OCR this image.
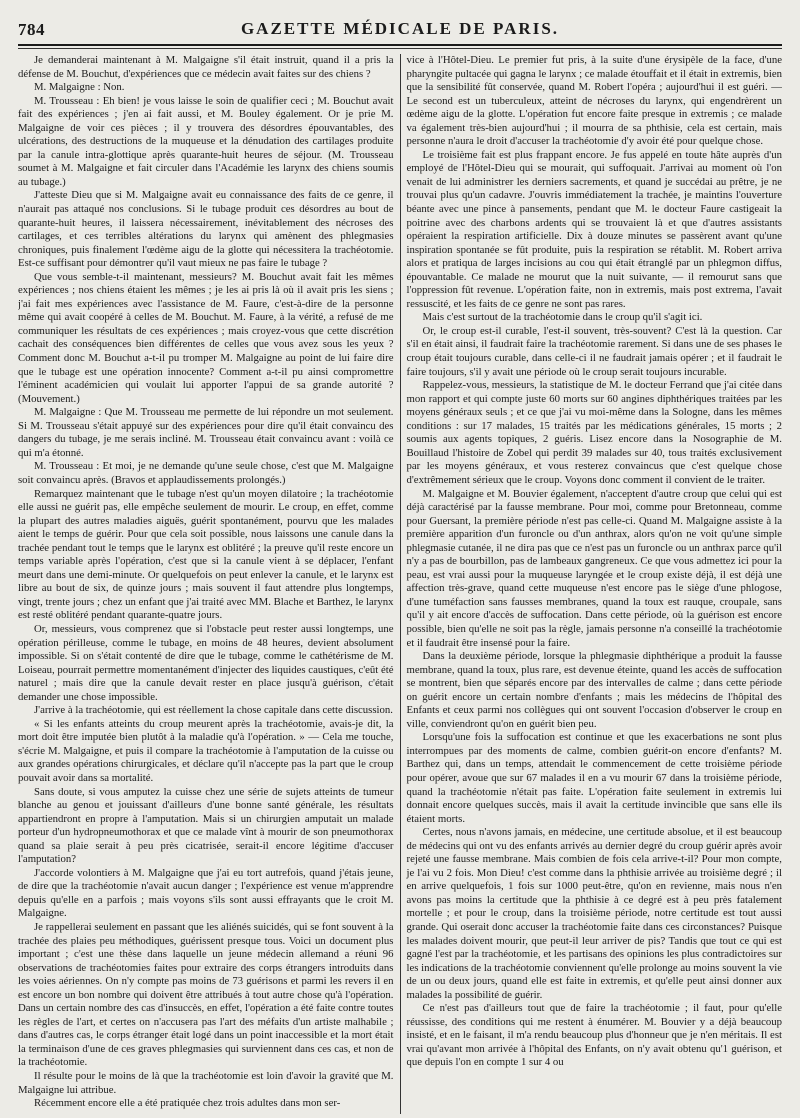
784	GAZETTE MÉDICALE DE PARIS.

Je demanderai maintenant à M. Malgaigne s'il était instruit, quand il a pris la défense de M. Bouchut, d'expériences que ce médecin avait faites sur des chiens ?

M. Malgaigne : Non.

M. Trousseau : Eh bien! je vous laisse le soin de qualifier ceci ; M. Bouchut avait fait des expériences ; j'en ai fait aussi, et M. Bouley également. Or je prie M. Malgaigne de voir ces pièces ; il y trouvera des désordres épouvantables, des ulcérations, des destructions de la muqueuse et la dénudation des cartilages produite par la canule intra-glottique après quarante-huit heures de séjour. (M. Trousseau soumet à M. Malgaigne et fait circuler dans l'Académie les larynx des chiens soumis au tubage.)

J'atteste Dieu que si M. Malgaigne avait eu connaissance des faits de ce genre, il n'aurait pas attaqué nos conclusions. Si le tubage produit ces désordres au bout de quarante-huit heures, il laissera nécessairement, inévitablement des nécroses des cartilages, et ces terribles altérations du larynx qui amènent des phlegmasies chroniques, puis finalement l'œdème aigu de la glotte qui nécessitera la trachéotomie. Est-ce suffisant pour démontrer qu'il vaut mieux ne pas faire le tubage ?

Que vous semble-t-il maintenant, messieurs? M. Bouchut avait fait les mêmes expériences ; nos chiens étaient les mêmes ; je les ai pris là où il avait pris les siens ; j'ai fait mes expériences avec l'assistance de M. Faure, c'est-à-dire de la personne même qui avait coopéré à celles de M. Bouchut. M. Faure, à la vérité, a refusé de me communiquer les résultats de ces expériences ; mais croyez-vous que cette discrétion cachait des conséquences bien différentes de celles que vous avez sous les yeux ? Comment donc M. Bouchut a-t-il pu tromper M. Malgaigne au point de lui faire dire que le tubage est une opération innocente? Comment a-t-il pu ainsi compromettre l'éminent académicien qui voulait lui apporter l'appui de sa grande autorité ? (Mouvement.)

M. Malgaigne : Que M. Trousseau me permette de lui répondre un mot seulement. Si M. Trousseau s'était appuyé sur des expériences pour dire qu'il était convaincu des dangers du tubage, je me serais incliné. M. Trousseau était convaincu avant : voilà ce qui m'a étonné.

M. Trousseau : Et moi, je ne demande qu'une seule chose, c'est que M. Malgaigne soit convaincu après. (Bravos et applaudissements prolongés.)

Remarquez maintenant que le tubage n'est qu'un moyen dilatoire ; la trachéotomie elle aussi ne guérit pas, elle empêche seulement de mourir. Le croup, en effet, comme la plupart des autres maladies aiguës, guérit spontanément, pourvu que les malades aient le temps de guérir. Pour que cela soit possible, nous laissons une canule dans la trachée pendant tout le temps que le larynx est oblitéré ; la preuve qu'il reste encore un temps variable après l'opération, c'est que si la canule vient à se déplacer, l'enfant meurt dans une demi-minute. Or quelquefois on peut enlever la canule, et le larynx est libre au bout de six, de quinze jours ; mais souvent il faut attendre plus longtemps, vingt, trente jours ; chez un enfant que j'ai traité avec MM. Blache et Barthez, le larynx est resté oblitéré pendant quarante-quatre jours.

Or, messieurs, vous comprenez que si l'obstacle peut rester aussi longtemps, une opération périlleuse, comme le tubage, en moins de 48 heures, devient absolument impossible. Si on s'était contenté de dire que le tubage, comme le cathétérisme de M. Loiseau, pourrait permettre momentanément d'injecter des liquides caustiques, c'eût été naturel ; mais dire que la canule devait rester en place jusqu'à guérison, c'était demander une chose impossible.

J'arrive à la trachéotomie, qui est réellement la chose capitale dans cette discussion.

« Si les enfants atteints du croup meurent après la trachéotomie, avais-je dit, la mort doit être imputée bien plutôt à la maladie qu'à l'opération. » — Cela me touche, s'écrie M. Malgaigne, et puis il compare la trachéotomie à l'amputation de la cuisse ou aux grandes opérations chirurgicales, et déclare qu'il n'accepte pas la part que le croup pouvait avoir dans sa mortalité.

Sans doute, si vous amputez la cuisse chez une série de sujets atteints de tumeur blanche au genou et jouissant d'ailleurs d'une bonne santé générale, les résultats appartiendront en propre à l'amputation. Mais si un chirurgien amputait un malade porteur d'un hydropneumothorax et que ce malade vînt à mourir de son pneumothorax quand sa plaie serait à peu près cicatrisée, serait-il encore légitime d'accuser l'amputation?

J'accorde volontiers à M. Malgaigne que j'ai eu tort autrefois, quand j'étais jeune, de dire que la trachéotomie n'avait aucun danger ; l'expérience est venue m'apprendre depuis qu'elle en a parfois ; mais voyons s'ils sont aussi effrayants que le croit M. Malgaigne.

Je rappellerai seulement en passant que les aliénés suicidés, qui se font souvent à la trachée des plaies peu méthodiques, guérissent presque tous. Voici un document plus important ; c'est une thèse dans laquelle un jeune médecin allemand a réuni 96 observations de trachéotomies faites pour extraire des corps étrangers introduits dans les voies aériennes. On n'y compte pas moins de 73 guérisons et parmi les revers il en est encore un bon nombre qui doivent être attribués à tout autre chose qu'à l'opération. Dans un certain nombre des cas d'insuccès, en effet, l'opération a été faite contre toutes les règles de l'art, et certes on n'accusera pas l'art des méfaits d'un artiste malhabile ; dans d'autres cas, le corps étranger était logé dans un point inaccessible et la mort était la terminaison d'une de ces graves phlegmasies qui surviennent dans ces cas, et non de la trachéotomie.

Il résulte pour le moins de là que la trachéotomie est loin d'avoir la gravité que M. Malgaigne lui attribue.

Récemment encore elle a été pratiquée chez trois adultes dans mon ser-

vice à l'Hôtel-Dieu. Le premier fut pris, à la suite d'une érysipèle de la face, d'une pharyngite pultacée qui gagna le larynx ; ce malade étouffait et il était in extremis, bien que la sensibilité fût conservée, quand M. Robert l'opéra ; aujourd'hui il est guéri. — Le second est un tuberculeux, atteint de nécroses du larynx, qui engendrèrent un œdème aigu de la glotte. L'opération fut encore faite presque in extremis ; ce malade va également très-bien aujourd'hui ; il mourra de sa phthisie, cela est certain, mais personne n'aura le droit d'accuser la trachéotomie d'y avoir été pour quelque chose.

Le troisième fait est plus frappant encore. Je fus appelé en toute hâte auprès d'un employé de l'Hôtel-Dieu qui se mourait, qui suffoquait. J'arrivai au moment où l'on venait de lui administrer les derniers sacrements, et quand je succédai au prêtre, je ne trouvai plus qu'un cadavre. J'ouvris immédiatement la trachée, je maintins l'ouverture béante avec une pince à pansements, pendant que M. le docteur Faure castigeait la poitrine avec des charbons ardents qui se trouvaient là et que d'autres assistants opéraient la respiration artificielle. Dix à douze minutes se passèrent avant qu'une inspiration spontanée se fût produite, puis la respiration se rétablit. M. Robert arriva alors et pratiqua de larges incisions au cou qui était étranglé par un phlegmon diffus, épouvantable. Ce malade ne mourut que la nuit suivante, — il remourut sans que l'oppression fût revenue. L'opération faite, non in extremis, mais post extrema, l'avait ressuscité, et les faits de ce genre ne sont pas rares.

Mais c'est surtout de la trachéotomie dans le croup qu'il s'agit ici.

Or, le croup est-il curable, l'est-il souvent, très-souvent? C'est là la question. Car s'il en était ainsi, il faudrait faire la trachéotomie rarement. Si dans une de ses phases le croup était toujours curable, dans celle-ci il ne faudrait jamais opérer ; et il faudrait le faire toujours, s'il y avait une période où le croup serait toujours incurable.

Rappelez-vous, messieurs, la statistique de M. le docteur Ferrand que j'ai citée dans mon rapport et qui compte juste 60 morts sur 60 angines diphthériques traitées par les moyens généraux seuls ; et ce que j'ai vu moi-même dans la Sologne, dans les mêmes conditions : sur 17 malades, 15 traités par les médications générales, 15 morts ; 2 soumis aux agents topiques, 2 guéris. Lisez encore dans la Nosographie de M. Bouillaud l'histoire de Zobel qui perdit 39 malades sur 40, tous traités exclusivement par les moyens généraux, et vous resterez convaincus que c'est quelque chose d'extrêmement sérieux que le croup. Voyons donc comment il convient de le traiter.

M. Malgaigne et M. Bouvier également, n'acceptent d'autre croup que celui qui est déjà caractérisé par la fausse membrane. Pour moi, comme pour Bretonneau, comme pour Guersant, la première période n'est pas celle-ci. Quand M. Malgaigne assiste à la première apparition d'un furoncle ou d'un anthrax, alors qu'on ne voit qu'une simple phlegmasie cutanée, il ne dira pas que ce n'est pas un furoncle ou un anthrax parce qu'il n'y a pas de bourbillon, pas de lambeaux gangreneux. Ce que vous admettez ici pour la peau, est vrai aussi pour la muqueuse laryngée et le croup existe déjà, il est déjà une affection très-grave, quand cette muqueuse n'est encore pas le siège d'une phlogose, d'une tuméfaction sans fausses membranes, quand la toux est rauque, croupale, sans qu'il y ait encore d'accès de suffocation. Dans cette période, où la guérison est encore possible, bien qu'elle ne soit pas la règle, jamais personne n'a conseillé la trachéotomie et il faudrait être insensé pour la faire.

Dans la deuxième période, lorsque la phlegmasie diphthérique a produit la fausse membrane, quand la toux, plus rare, est devenue éteinte, quand les accès de suffocation se montrent, bien que séparés encore par des intervalles de calme ; dans cette période on guérit encore un certain nombre d'enfants ; mais les médecins de l'hôpital des Enfants et ceux parmi nos collègues qui ont souvent l'occasion d'observer le croup en ville, conviendront qu'on en guérit bien peu.

Lorsqu'une fois la suffocation est continue et que les exacerbations ne sont plus interrompues par des moments de calme, combien guérit-on encore d'enfants? M. Barthez qui, dans un temps, attendait le commencement de cette troisième période pour opérer, avoue que sur 67 malades il en a vu mourir 67 dans la troisième période, quand la trachéotomie n'était pas faite. L'opération faite seulement in extremis lui donnait encore quelques succès, mais il avait la certitude invincible que sans elle ils étaient morts.

Certes, nous n'avons jamais, en médecine, une certitude absolue, et il est beaucoup de médecins qui ont vu des enfants arrivés au dernier degré du croup guérir après avoir rejeté une fausse membrane. Mais combien de fois cela arrive-t-il? Pour mon compte, je l'ai vu 2 fois. Mon Dieu! c'est comme dans la phthisie arrivée au troisième degré ; il en arrive quelquefois, 1 fois sur 1000 peut-être, qu'on en revienne, mais nous n'en avons pas moins la certitude que la phthisie à ce degré est à peu près fatalement mortelle ; et pour le croup, dans la troisième période, notre certitude est tout aussi grande. Qui oserait donc accuser la trachéotomie faite dans ces circonstances? Puisque les malades doivent mourir, que peut-il leur arriver de pis? Tandis que tout ce qui est gagné l'est par la trachéotomie, et les partisans des opinions les plus contradictoires sur les indications de la trachéotomie conviennent qu'elle prolonge au moins souvent la vie de un ou deux jours, quand elle est faite in extremis, et qu'elle peut ainsi donner aux malades la possibilité de guérir.

Ce n'est pas d'ailleurs tout que de faire la trachéotomie ; il faut, pour qu'elle réussisse, des conditions qui me restent à énumérer. M. Bouvier y a déjà beaucoup insisté, et en le faisant, il m'a rendu beaucoup plus d'honneur que je n'en méritais. Il est vrai qu'avant mon arrivée à l'hôpital des Enfants, on n'y avait obtenu qu'1 guérison, et que depuis l'on en compte 1 sur 4 ou
